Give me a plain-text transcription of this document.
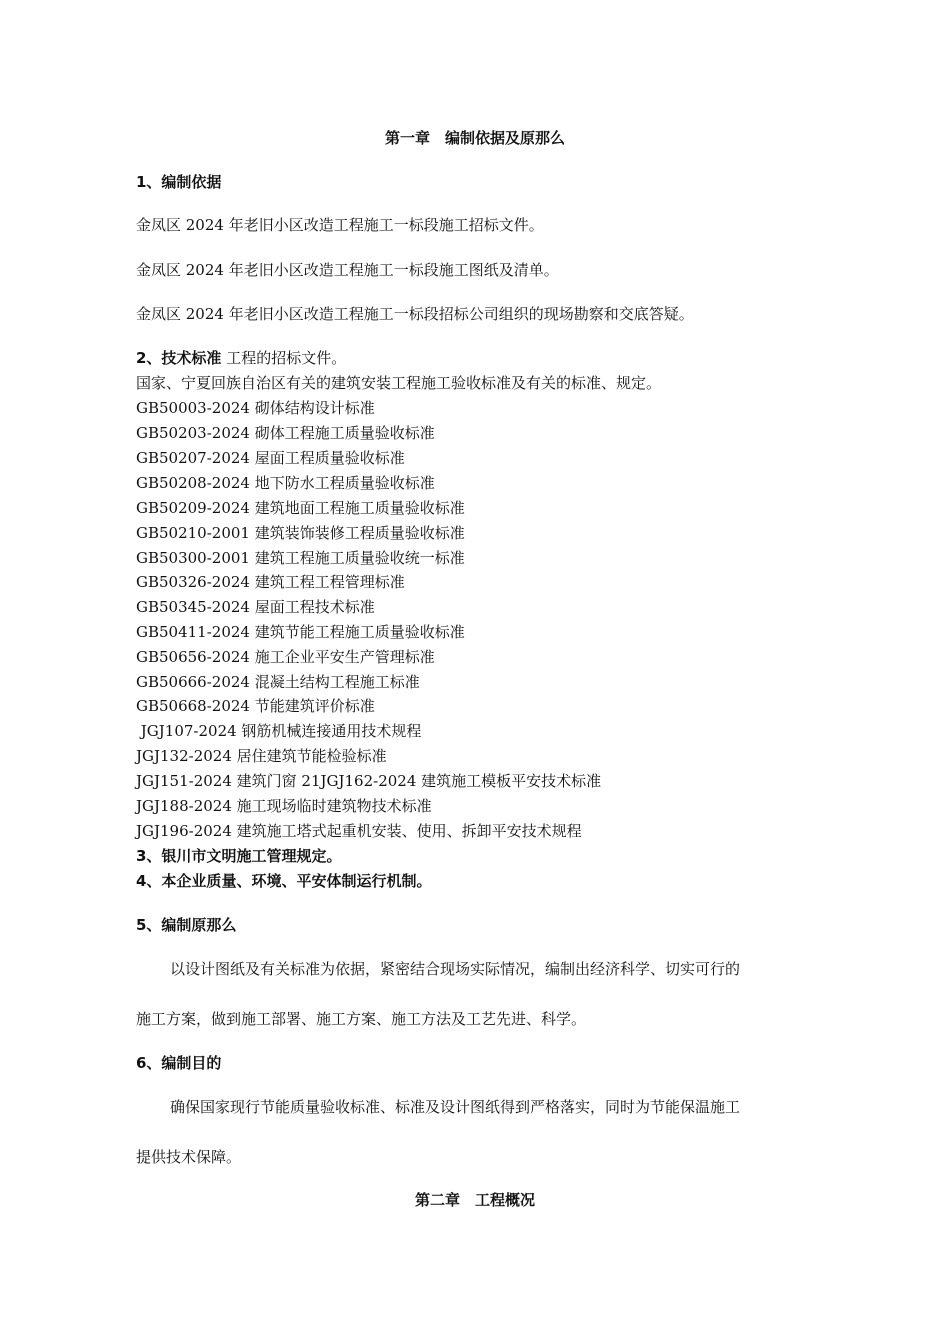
第一章　编制依据及原那么
1、编制依据
金凤区 2024 年老旧小区改造工程施工一标段施工招标文件。
金凤区 2024 年老旧小区改造工程施工一标段施工图纸及清单。
金凤区 2024 年老旧小区改造工程施工一标段招标公司组织的现场勘察和交底答疑。
2、技术标准 工程的招标文件。
国家、宁夏回族自治区有关的建筑安装工程施工验收标准及有关的标准、规定。
GB50003-2024 砌体结构设计标准
GB50203-2024 砌体工程施工质量验收标准
GB50207-2024 屋面工程质量验收标准
GB50208-2024 地下防水工程质量验收标准
GB50209-2024 建筑地面工程施工质量验收标准
GB50210-2001 建筑装饰装修工程质量验收标准
GB50300-2001 建筑工程施工质量验收统一标准
GB50326-2024 建筑工程工程管理标准
GB50345-2024 屋面工程技术标准
GB50411-2024 建筑节能工程施工质量验收标准
GB50656-2024 施工企业平安生产管理标准
GB50666-2024 混凝土结构工程施工标准
GB50668-2024 节能建筑评价标准
JGJ107-2024 钢筋机械连接通用技术规程
JGJ132-2024 居住建筑节能检验标准
JGJ151-2024 建筑门窗 21JGJ162-2024 建筑施工模板平安技术标准
JGJ188-2024 施工现场临时建筑物技术标准
JGJ196-2024 建筑施工塔式起重机安装、使用、拆卸平安技术规程
3、银川市文明施工管理规定。
4、本企业质量、环境、平安体制运行机制。
5、编制原那么
以设计图纸及有关标准为依据，紧密结合现场实际情况，编制出经济科学、切实可行的
施工方案，做到施工部署、施工方案、施工方法及工艺先进、科学。
6、编制目的
确保国家现行节能质量验收标准、标准及设计图纸得到严格落实，同时为节能保温施工
提供技术保障。
第二章　工程概况
